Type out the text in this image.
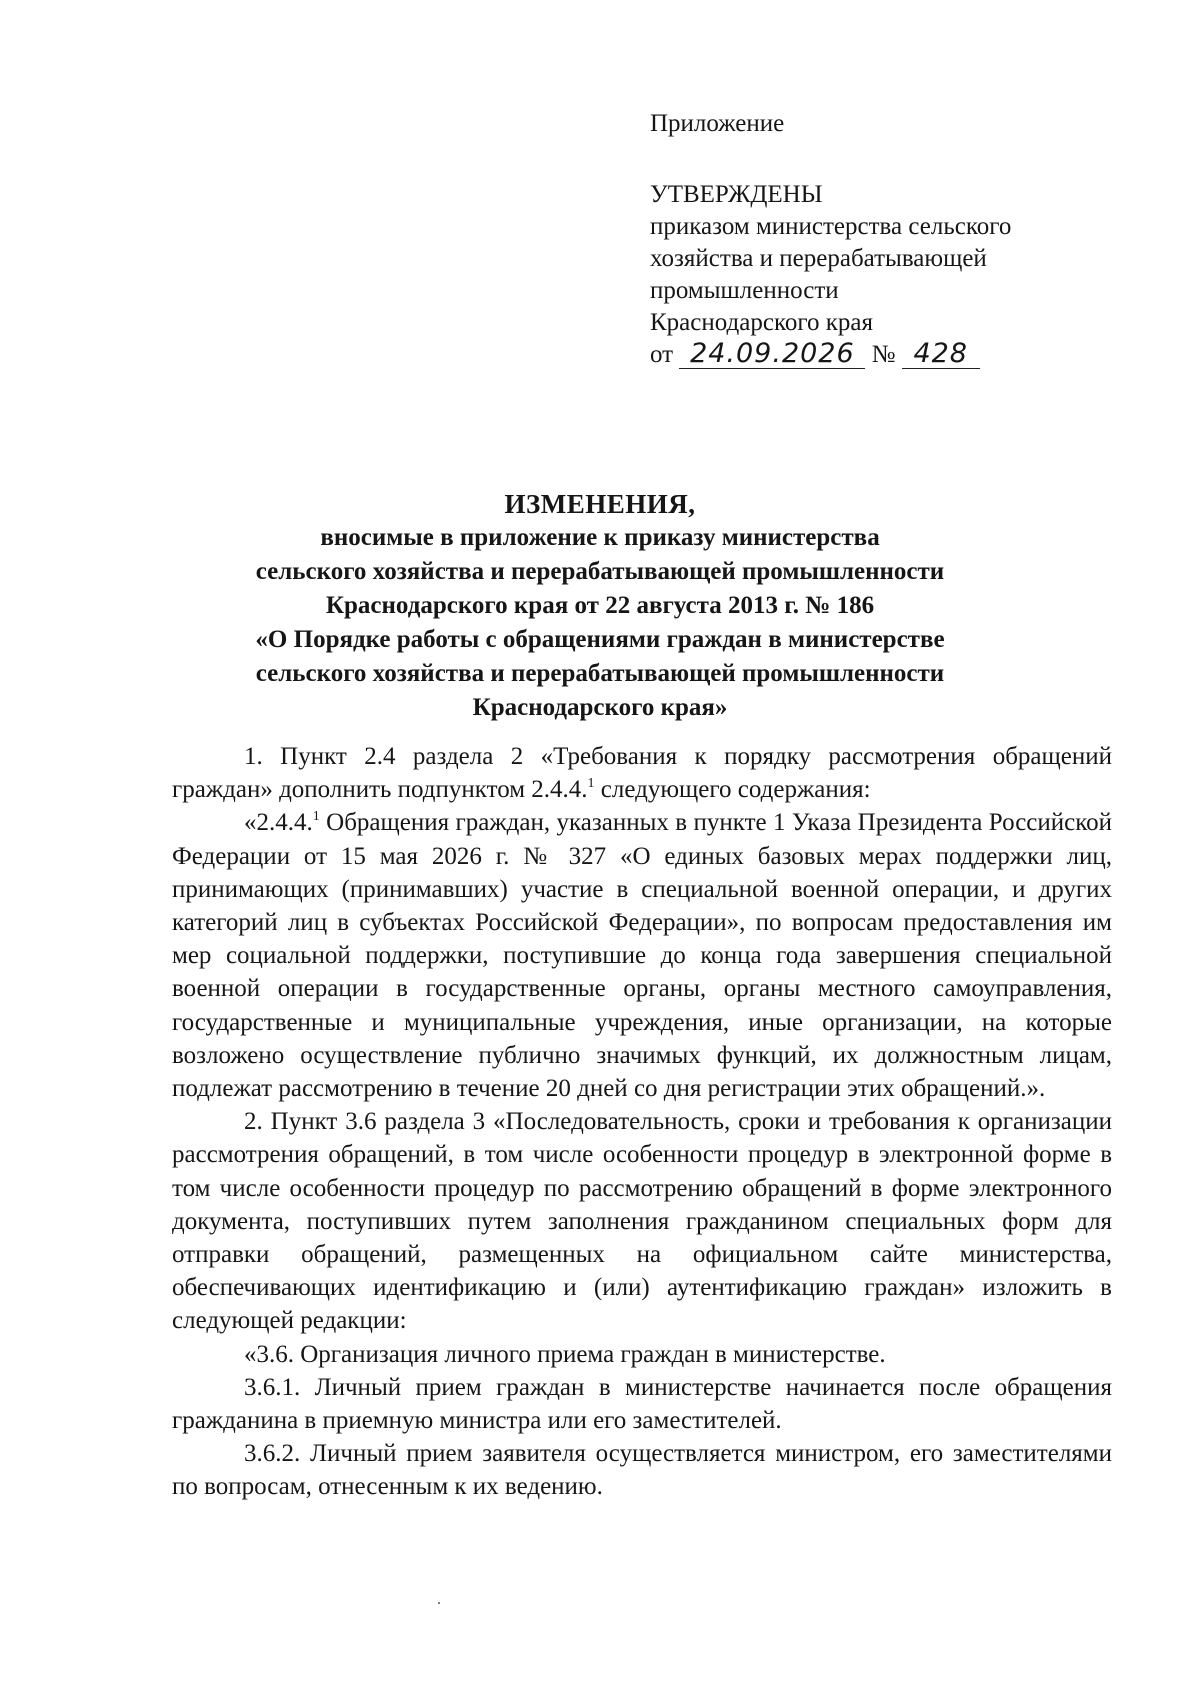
Приложение
УТВЕРЖДЕНЫ
приказом министерства сельского
хозяйства и перерабатывающей
промышленности
Краснодарского края
от 24.09.2026 № 428
ИЗМЕНЕНИЯ,
вносимые в приложение к приказу министерства
сельского хозяйства и перерабатывающей промышленности
Краснодарского края от 22 августа 2013 г. № 186
«О Порядке работы с обращениями граждан в министерстве
сельского хозяйства и перерабатывающей промышленности
Краснодарского края»

1. Пункт 2.4 раздела 2 «Требования к порядку рассмотрения обращений граждан» дополнить подпунктом 2.4.4.$^1$ следующего содержания:

«2.4.4.$^1$ Обращения граждан, указанных в пункте 1 Указа Президента Российской Федерации от 15 мая 2026 г. № 327 «О единых базовых мерах поддержки лиц, принимающих (принимавших) участие в специальной военной операции, и других категорий лиц в субъектах Российской Федерации», по вопросам предоставления им мер социальной поддержки, поступившие до конца года завершения специальной военной операции в государственные органы, органы местного самоуправления, государственные и муниципальные учреждения, иные организации, на которые возложено осуществление публично значимых функций, их должностным лицам, подлежат рассмотрению в течение 20 дней со дня регистрации этих обращений.».

2. Пункт 3.6 раздела 3 «Последовательность, сроки и требования к организации рассмотрения обращений, в том числе особенности процедур в электронной форме в том числе особенности процедур по рассмотрению обращений в форме электронного документа, поступивших путем заполнения гражданином специальных форм для отправки обращений, размещенных на официальном сайте министерства, обеспечивающих идентификацию и (или) аутентификацию граждан» изложить в следующей редакции:

«3.6. Организация личного приема граждан в министерстве.

3.6.1. Личный прием граждан в министерстве начинается после обращения гражданина в приемную министра или его заместителей.

3.6.2. Личный прием заявителя осуществляется министром, его заместителями по вопросам, отнесенным к их ведению.
